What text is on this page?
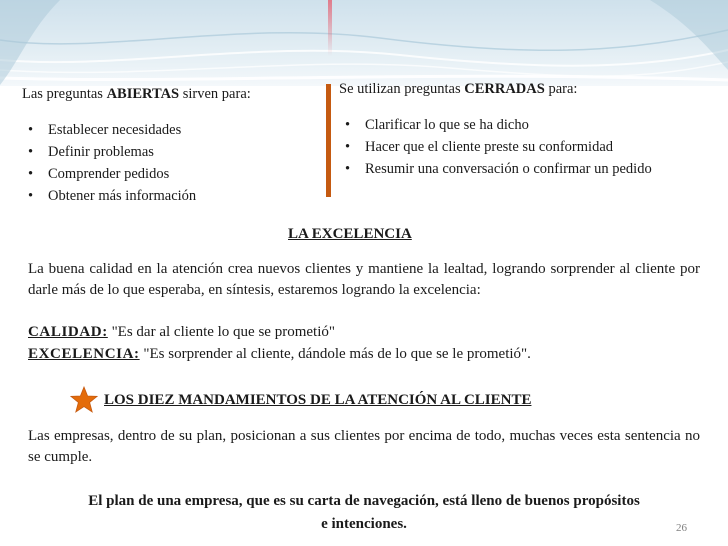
Las preguntas ABIERTAS sirven para:

• Establecer necesidades
• Definir problemas
• Comprender pedidos
• Obtener más información

Se utilizan preguntas CERRADAS para:

• Clarificar lo que se ha dicho
• Hacer que el cliente preste su conformidad
• Resumir una conversación o confirmar un pedido
LA EXCELENCIA

La buena calidad en la atención crea nuevos clientes y mantiene la lealtad, logrando sorprender al cliente por darle más de lo que esperaba, en síntesis, estaremos logrando la excelencia:

CALIDAD: "Es dar al cliente lo que se prometió"
EXCELENCIA: "Es sorprender al cliente, dándole más de lo que se le prometió".
LOS DIEZ MANDAMIENTOS DE LA ATENCIÓN AL CLIENTE

Las empresas, dentro de su plan, posicionan a sus clientes por encima de todo, muchas veces esta sentencia no se cumple.

El plan de una empresa, que es su carta de navegación, está lleno de buenos propósitos
e intenciones.	26
